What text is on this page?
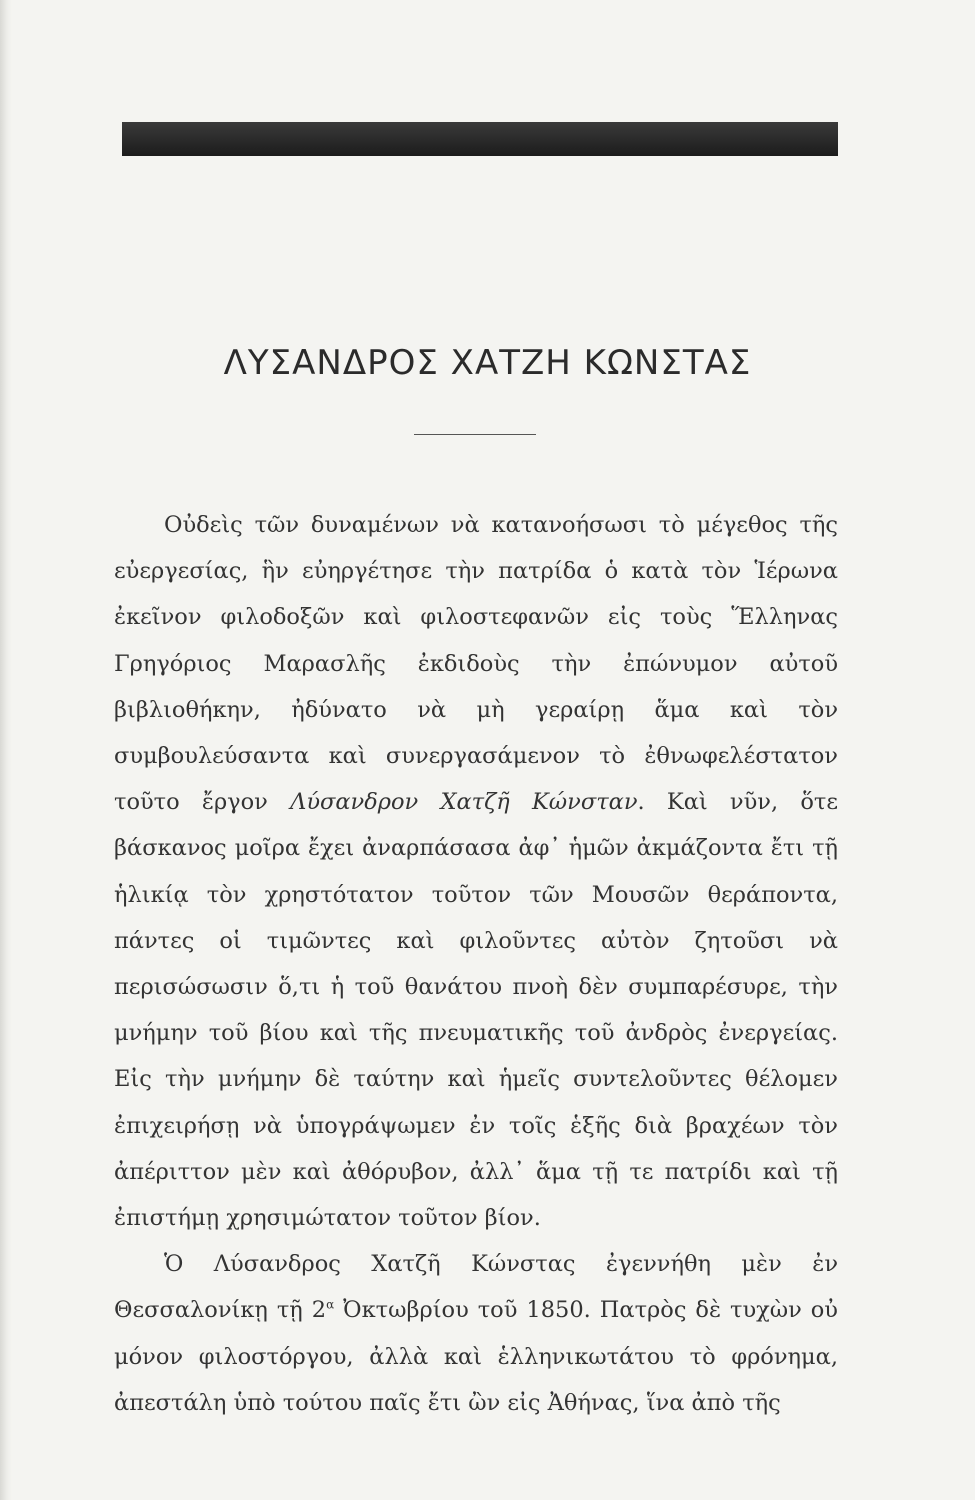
ΛΥΣΑΝΔΡΟΣ ΧΑΤΖΗ ΚΩΝΣΤΑΣ

Οὐδεὶς τῶν δυναμένων νὰ κατανοήσωσι τὸ μέγεθος τῆς εὐεργεσίας, ἣν εὐηργέτησε τὴν πατρίδα ὁ κατὰ τὸν Ἱέρωνα ἐκεῖνον φιλοδοξῶν καὶ φιλοστεφανῶν εἰς τοὺς Ἕλληνας Γρηγόριος Μαρασλῆς ἐκδιδοὺς τὴν ἐπώνυμον αὐτοῦ βιβλιοθήκην, ἠδύνατο νὰ μὴ γεραίρῃ ἅμα καὶ τὸν συμβουλεύσαντα καὶ συνεργασάμενον τὸ ἐθνωφελέστατον τοῦτο ἔργον Λύσανδρον Χατζῆ Κώνσταν. Καὶ νῦν, ὅτε βάσκανος μοῖρα ἔχει ἀναρπάσασα ἀφ᾽ ἡμῶν ἀκμάζοντα ἔτι τῇ ἡλικίᾳ τὸν χρηστότατον τοῦτον τῶν Μουσῶν θεράποντα, πάντες οἱ τιμῶντες καὶ φιλοῦντες αὐτὸν ζητοῦσι νὰ περισώσωσιν ὅ,τι ἡ τοῦ θανάτου πνοὴ δὲν συμπαρέσυρε, τὴν μνήμην τοῦ βίου καὶ τῆς πνευματικῆς τοῦ ἀνδρὸς ἐνεργείας. Εἰς τὴν μνήμην δὲ ταύτην καὶ ἡμεῖς συντελοῦντες θέλομεν ἐπιχειρήσῃ νὰ ὑπογράψωμεν ἐν τοῖς ἑξῆς διὰ βραχέων τὸν ἀπέριττον μὲν καὶ ἀθόρυβον, ἀλλ᾽ ἅμα τῇ τε πατρίδι καὶ τῇ ἐπιστήμῃ χρησιμώτατον τοῦτον βίον.

Ὁ Λύσανδρος Χατζῆ Κώνστας ἐγεννήθη μὲν ἐν Θεσσαλονίκῃ τῇ $2^\alpha$ Ὀκτωβρίου τοῦ 1850. Πατρὸς δὲ τυχὼν οὐ μόνον φιλοστόργου, ἀλλὰ καὶ ἑλληνικωτάτου τὸ φρόνημα, ἀπεστάλη ὑπὸ τούτου παῖς ἔτι ὢν εἰς Ἀθήνας, ἵνα ἀπὸ τῆς
